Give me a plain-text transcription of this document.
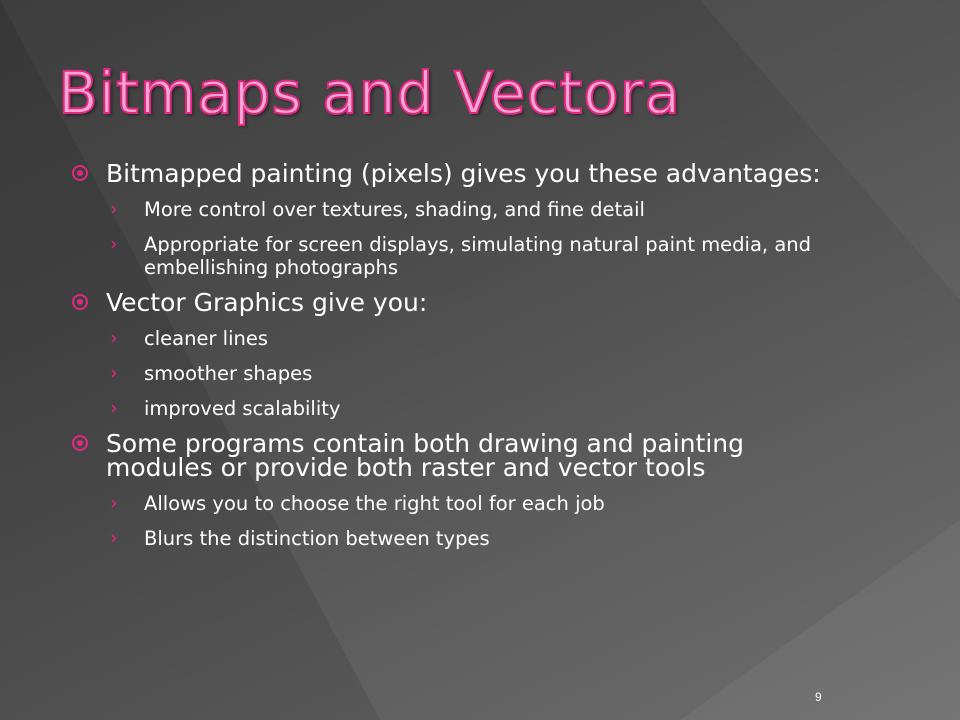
Bitmaps and Vectora
Bitmapped painting (pixels) gives you these advantages:
› More control over textures, shading, and fine detail
› Appropriate for screen displays, simulating natural paint media, and embellishing photographs
Vector Graphics give you:
› cleaner lines
› smoother shapes
› improved scalability
Some programs contain both drawing and painting modules or provide both raster and vector tools
› Allows you to choose the right tool for each job
› Blurs the distinction between types
9
